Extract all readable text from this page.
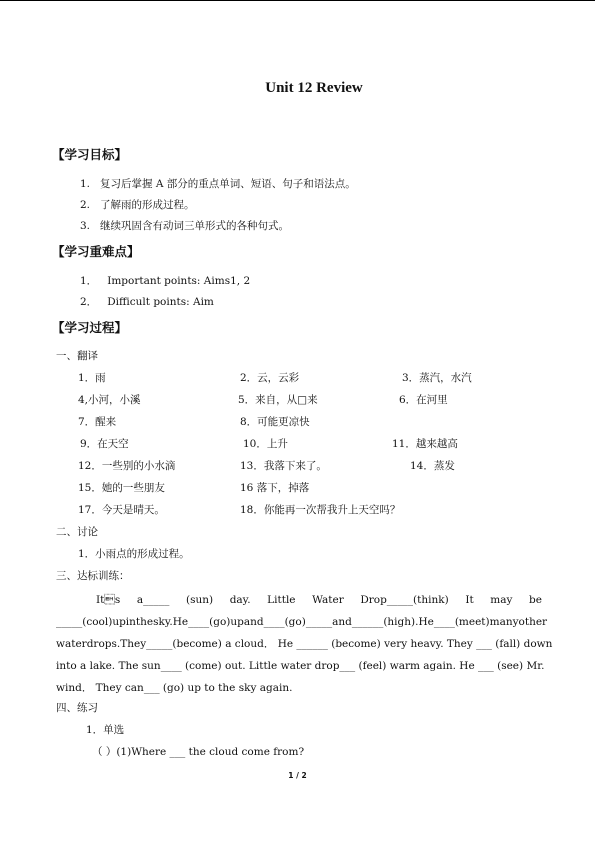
Unit 12 Review
【学习目标】
1. 复习后掌握 A 部分的重点单词、短语、句子和语法点。
2. 了解雨的形成过程。
3. 继续巩固含有动词三单形式的各种句式。
【学习重难点】
1． Important points: Aims1, 2
2． Difficult points: Aim
【学习过程】
一、翻译
1．雨	2．云，云彩	3．蒸汽，水汽
4,小河，小溪	5．来自，从□来	6．在河里
7．醒来	8．可能更凉快
9．在天空	10．上升	11．越来越高
12．一些别的小水滴	13．我落下来了。	14．蒸发
15．她的一些朋友	16 落下，掉落
17．今天是晴天。	18．你能再一次帮我升上天空吗？
二、讨论
1．小雨点的形成过程。
三、达标训练：
Its a_____ (sun) day. Little Water Drop_____(think) It may be
_____(cool)upinthesky.He____(go)upand____(go)_____and______(high).He____(meet)manyother
waterdrops.They_____(become) a cloud． He ______ (become) very heavy. They ___ (fall) down
into a lake. The sun____ (come) out. Little water drop___ (feel) warm again. He ___ (see) Mr.
wind． They can___ (go) up to the sky again.
四、练习
1．单选
（ ）(1)Where ___ the cloud come from?
1 / 2
